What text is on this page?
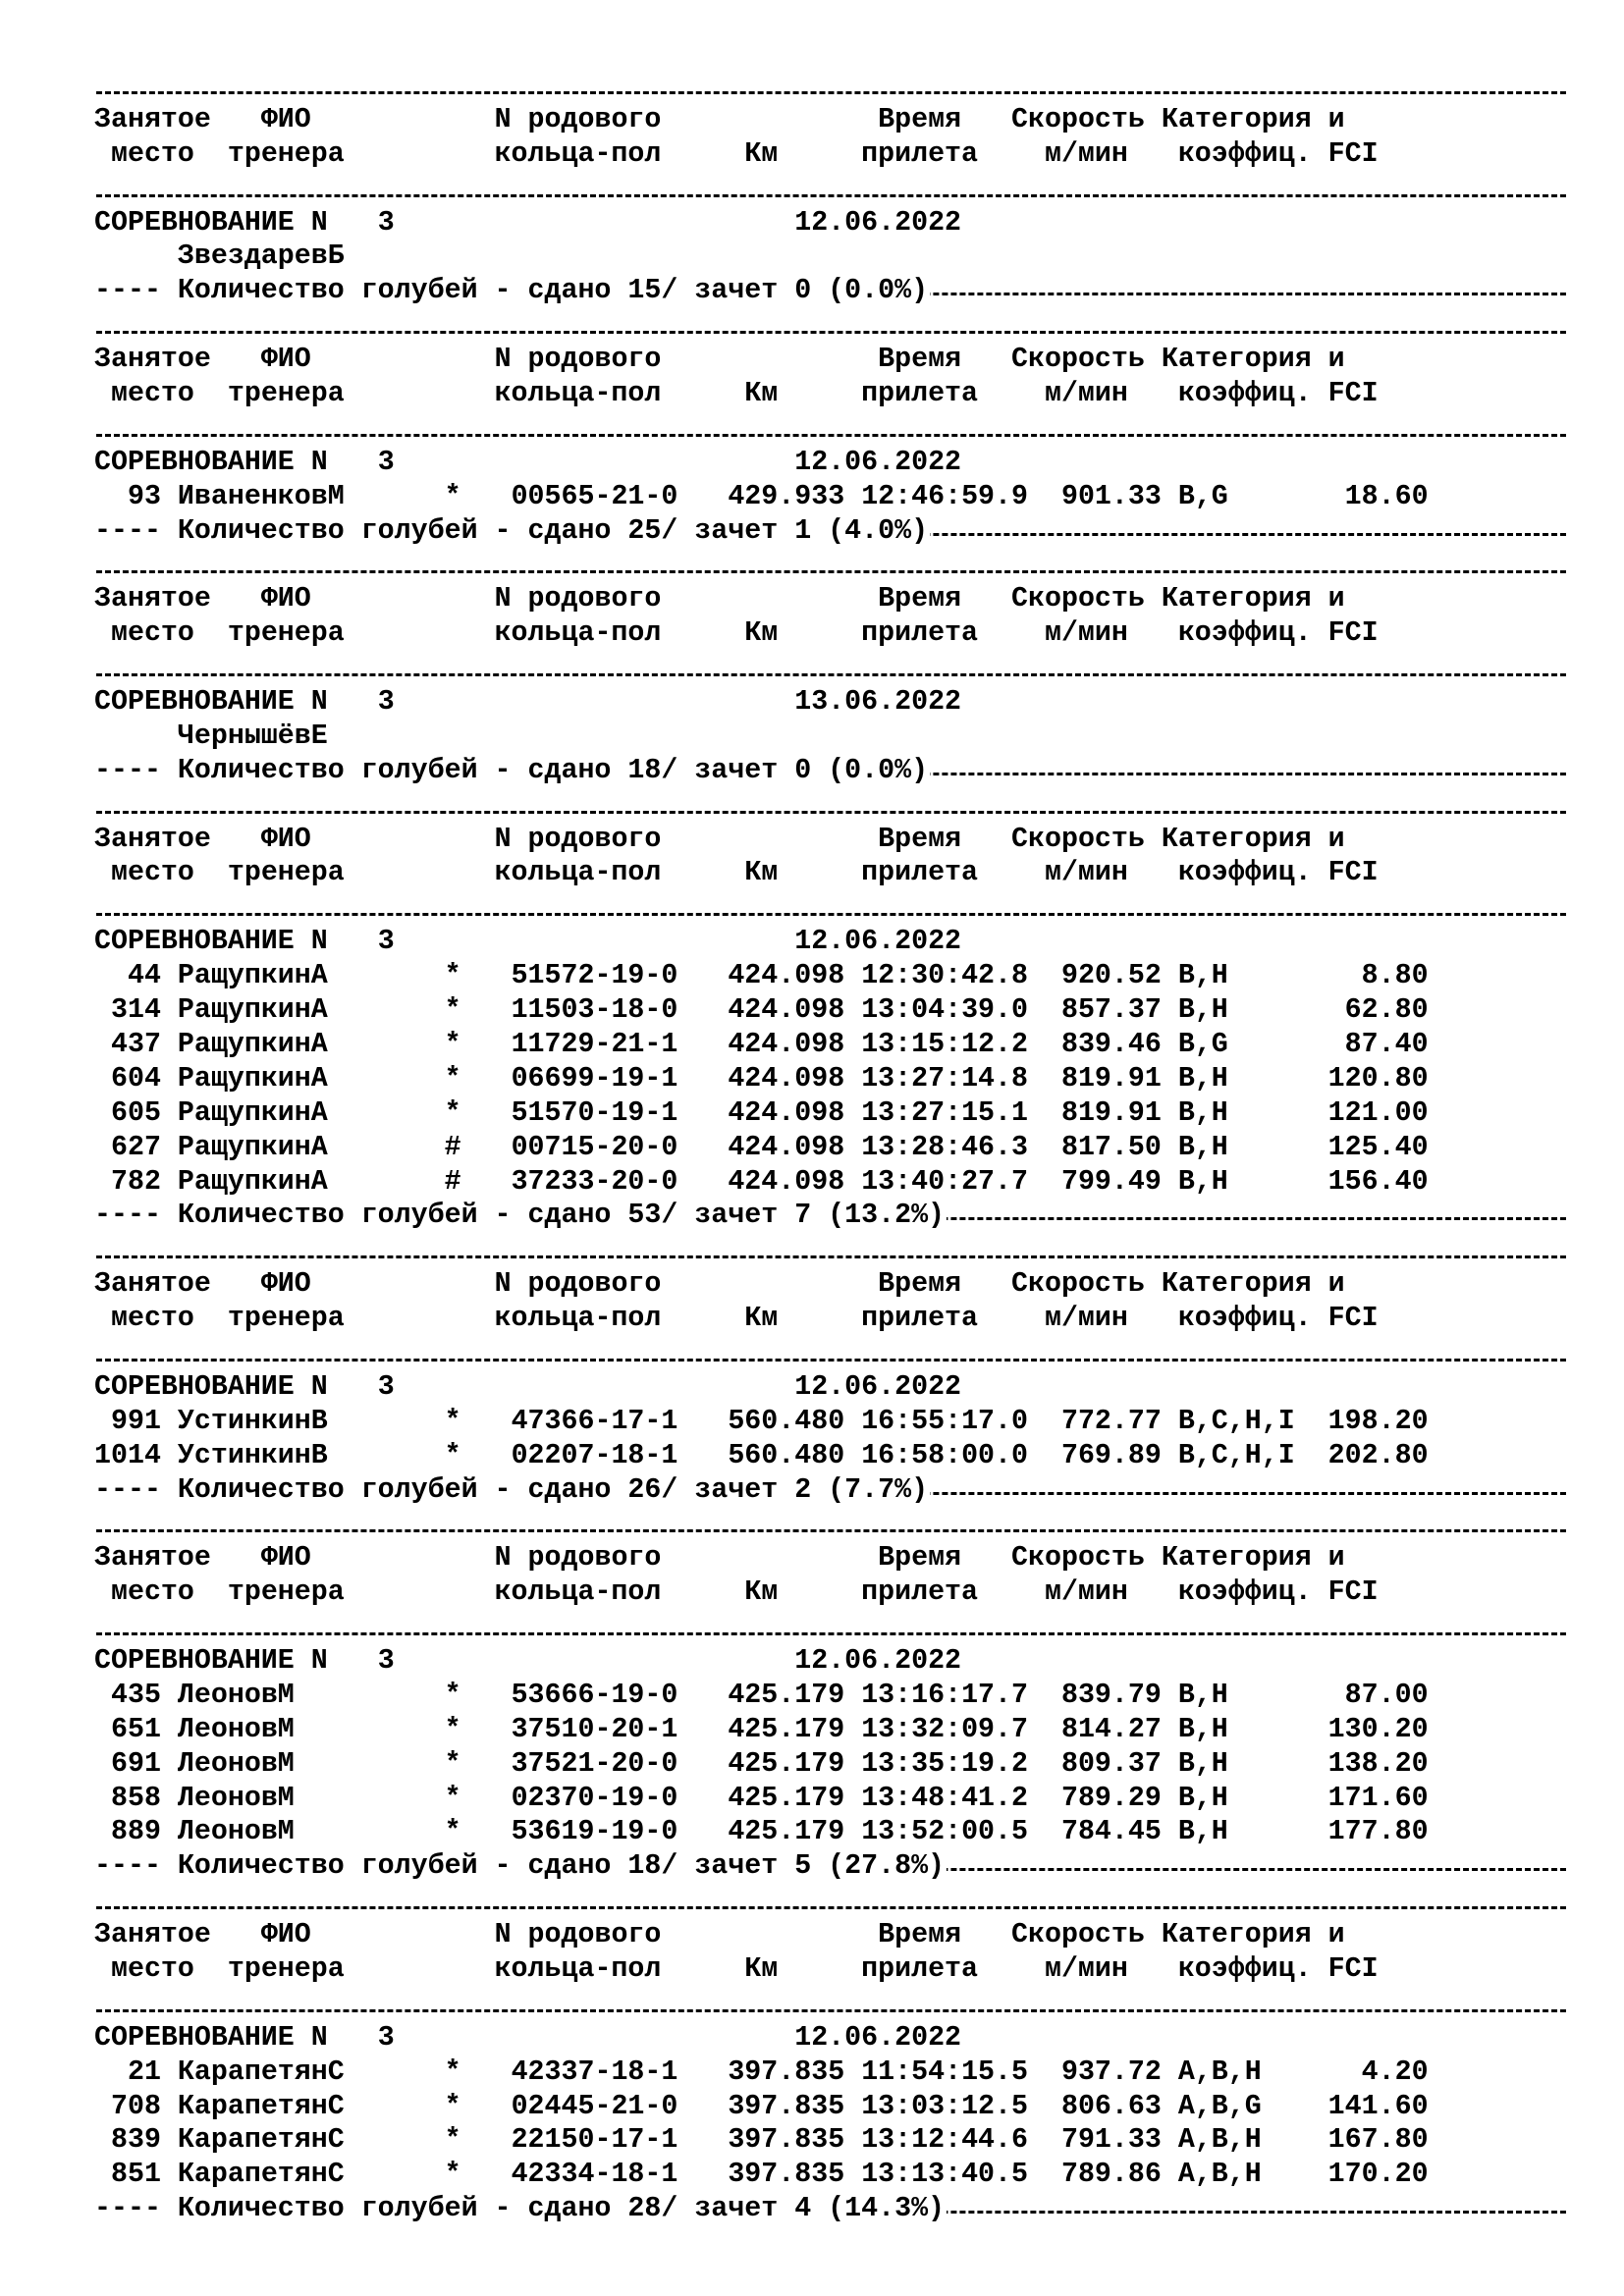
Занятое ФИО	N родового	Время Скорость Категория и
место тренера	кольца-пол	Км	прилета м/мин коэффиц. FCI
СОРЕВНОВАНИЕ N 3	12.06.2022
ЗвездаревБ
---- Количество голубей - сдано 15/ зачет 0 (0.0%)
Занятое ФИО	N родового	Время Скорость Категория и
место тренера	кольца-пол	Км	прилета м/мин коэффиц. FCI
СОРЕВНОВАНИЕ N 3	12.06.2022
93 ИваненковМ      * 00565-21-0 429.933 12:46:59.9 901.33 B,G       18.60
---- Количество голубей - сдано 25/ зачет 1 (4.0%)
Занятое ФИО	N родового	Время Скорость Категория и
место тренера	кольца-пол	Км	прилета м/мин коэффиц. FCI
СОРЕВНОВАНИЕ N 3	13.06.2022
ЧернышёвЕ
---- Количество голубей - сдано 18/ зачет 0 (0.0%)
Занятое ФИО	N родового	Время Скорость Категория и
место тренера	кольца-пол	Км	прилета м/мин коэффиц. FCI
СОРЕВНОВАНИЕ N 3	12.06.2022
44 РащупкинА       * 51572-19-0 424.098 12:30:42.8 920.52 B,H        8.80
314 РащупкинА       * 11503-18-0 424.098 13:04:39.0 857.37 B,H       62.80
437 РащупкинА       * 11729-21-1 424.098 13:15:12.2 839.46 B,G       87.40
604 РащупкинА       * 06699-19-1 424.098 13:27:14.8 819.91 B,H      120.80
605 РащупкинА       * 51570-19-1 424.098 13:27:15.1 819.91 B,H      121.00
627 РащупкинА       # 00715-20-0 424.098 13:28:46.3 817.50 B,H      125.40
782 РащупкинА       # 37233-20-0 424.098 13:40:27.7 799.49 B,H      156.40
---- Количество голубей - сдано 53/ зачет 7 (13.2%)
Занятое ФИО	N родового	Время Скорость Категория и
место тренера	кольца-пол	Км	прилета м/мин коэффиц. FCI
СОРЕВНОВАНИЕ N 3	12.06.2022
991 УстинкинВ       * 47366-17-1 560.480 16:55:17.0 772.77 B,C,H,I  198.20
1014 УстинкинВ       * 02207-18-1 560.480 16:58:00.0 769.89 B,C,H,I  202.80
---- Количество голубей - сдано 26/ зачет 2 (7.7%)
Занятое ФИО	N родового	Время Скорость Категория и
место тренера	кольца-пол	Км	прилета м/мин коэффиц. FCI
СОРЕВНОВАНИЕ N 3	12.06.2022
435 ЛеоновМ         * 53666-19-0 425.179 13:16:17.7 839.79 B,H       87.00
651 ЛеоновМ         * 37510-20-1 425.179 13:32:09.7 814.27 B,H      130.20
691 ЛеоновМ         * 37521-20-0 425.179 13:35:19.2 809.37 B,H      138.20
858 ЛеоновМ         * 02370-19-0 425.179 13:48:41.2 789.29 B,H      171.60
889 ЛеоновМ         * 53619-19-0 425.179 13:52:00.5 784.45 B,H      177.80
---- Количество голубей - сдано 18/ зачет 5 (27.8%)
Занятое ФИО	N родового	Время Скорость Категория и
место тренера	кольца-пол	Км	прилета м/мин коэффиц. FCI
СОРЕВНОВАНИЕ N 3	12.06.2022
21 КарапетянС      * 42337-18-1 397.835 11:54:15.5 937.72 A,B,H      4.20
708 КарапетянС      * 02445-21-0 397.835 13:03:12.5 806.63 A,B,G    141.60
839 КарапетянС      * 22150-17-1 397.835 13:12:44.6 791.33 A,B,H    167.80
851 КарапетянС      * 42334-18-1 397.835 13:13:40.5 789.86 A,B,H    170.20
---- Количество голубей - сдано 28/ зачет 4 (14.3%)
